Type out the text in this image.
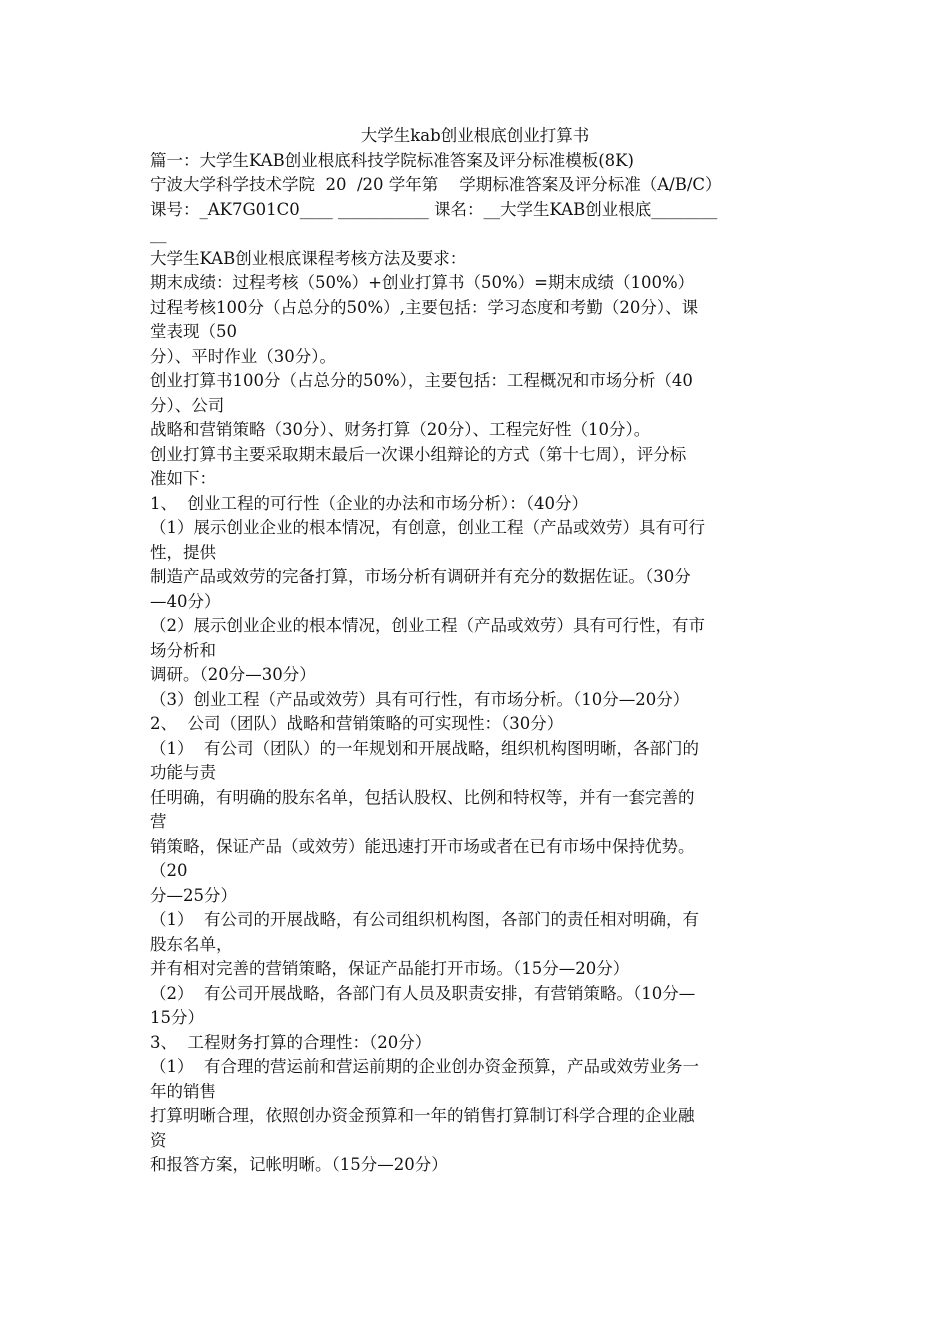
大学生kab创业根底创业打算书
篇一：大学生KAB创业根底科技学院标准答案及评分标准模板(8K)
宁波大学科学技术学院  20  /20 学年第    学期标准答案及评分标准（A/B/C）
课号：_AK7G01C0____ ___________ 课名：__大学生KAB创业根底________
__
大学生KAB创业根底课程考核方法及要求：
期末成绩：过程考核（50%）+创业打算书（50%）=期末成绩（100%）
过程考核100分（占总分的50%）,主要包括：学习态度和考勤（20分）、课
堂表现（50
分）、平时作业（30分）。
创业打算书100分（占总分的50%），主要包括：工程概况和市场分析（40
分）、公司
战略和营销策略（30分）、财务打算（20分）、工程完好性（10分）。
创业打算书主要采取期末最后一次课小组辩论的方式（第十七周），评分标
准如下：
1、  创业工程的可行性（企业的办法和市场分析）：（40分）
（1）展示创业企业的根本情况，有创意，创业工程（产品或效劳）具有可行
性，提供
制造产品或效劳的完备打算，市场分析有调研并有充分的数据佐证。（30分
—40分）
（2）展示创业企业的根本情况，创业工程（产品或效劳）具有可行性，有市
场分析和
调研。（20分—30分）
（3）创业工程（产品或效劳）具有可行性，有市场分析。（10分—20分）
2、  公司（团队）战略和营销策略的可实现性：（30分）
（1）  有公司（团队）的一年规划和开展战略，组织机构图明晰，各部门的
功能与责
任明确，有明确的股东名单，包括认股权、比例和特权等，并有一套完善的
营
销策略，保证产品（或效劳）能迅速打开市场或者在已有市场中保持优势。
（20
分—25分）
（1）  有公司的开展战略，有公司组织机构图，各部门的责任相对明确，有
股东名单，
并有相对完善的营销策略，保证产品能打开市场。（15分—20分）
（2）  有公司开展战略，各部门有人员及职责安排，有营销策略。（10分—
15分）
3、  工程财务打算的合理性：（20分）
（1）  有合理的营运前和营运前期的企业创办资金预算，产品或效劳业务一
年的销售
打算明晰合理，依照创办资金预算和一年的销售打算制订科学合理的企业融
资
和报答方案，记帐明晰。（15分—20分）
